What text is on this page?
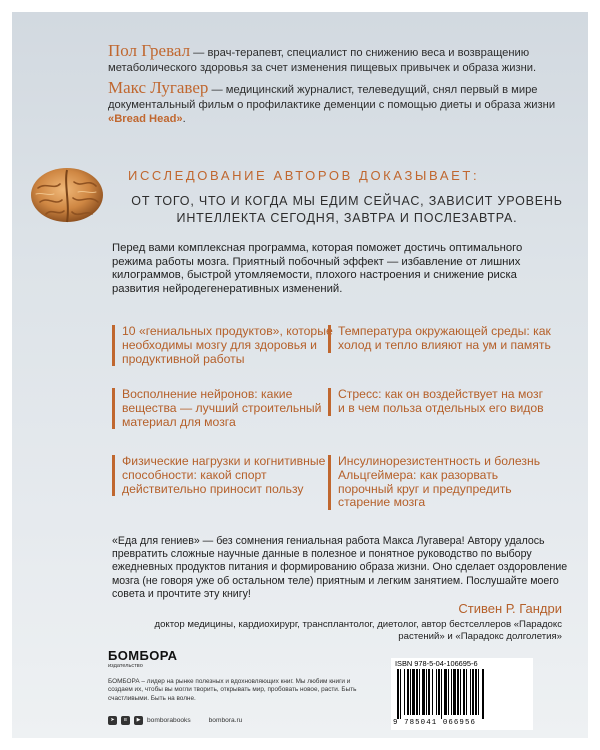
Пол Гревал — врач-терапевт, специалист по снижению веса и возвращению метаболического здоровья за счет изменения пищевых привычек и образа жизни.
Макс Лугавер — медицинский журналист, телеведущий, снял первый в мире документальный фильм о профилактике деменции с помощью диеты и образа жизни «Bread Head».
ИССЛЕДОВАНИЕ АВТОРОВ ДОКАЗЫВАЕТ:
ОТ ТОГО, ЧТО И КОГДА МЫ ЕДИМ СЕЙЧАС, ЗАВИСИТ УРОВЕНЬ ИНТЕЛЛЕКТА СЕГОДНЯ, ЗАВТРА И ПОСЛЕЗАВТРА.
Перед вами комплексная программа, которая поможет достичь оптимального режима работы мозга. Приятный побочный эффект — избавление от лишних килограммов, быстрой утомляемости, плохого настроения и снижение риска развития нейродегенеративных изменений.
10 «гениальных продуктов», которые необходимы мозгу для здоровья и продуктивной работы
Температура окружающей среды: как холод и тепло влияют на ум и память
Восполнение нейронов: какие вещества — лучший строительный материал для мозга
Стресс: как он воздействует на мозг и в чем польза отдельных его видов
Физические нагрузки и когнитивные способности: какой спорт действительно приносит пользу
Инсулинорезистентность и болезнь Альцгеймера: как разорвать порочный круг и предупредить старение мозга
«Еда для гениев» — без сомнения гениальная работа Макса Лугавера! Автору удалось превратить сложные научные данные в полезное и понятное руководство по выбору ежедневных продуктов питания и формированию образа жизни. Оно сделает оздоровление мозга (не говоря уже об остальном теле) приятным и легким занятием. Послушайте моего совета и прочтите эту книгу!
Стивен Р. Гандри
доктор медицины, кардиохирург, трансплантолог, диетолог, автор бестселлеров «Парадокс растений» и «Парадокс долголетия»
БОМБОРА
издательство
БОМБОРА – лидер на рынке полезных и вдохновляющих книг. Мы любим книги и создаем их, чтобы вы могли творить, открывать мир, пробовать новое, расти. Быть счастливыми. Быть на волне.
➤	в	▶ bomborabooks	bombora.ru
ISBN 978-5-04-106695-6
9 785041 066956
